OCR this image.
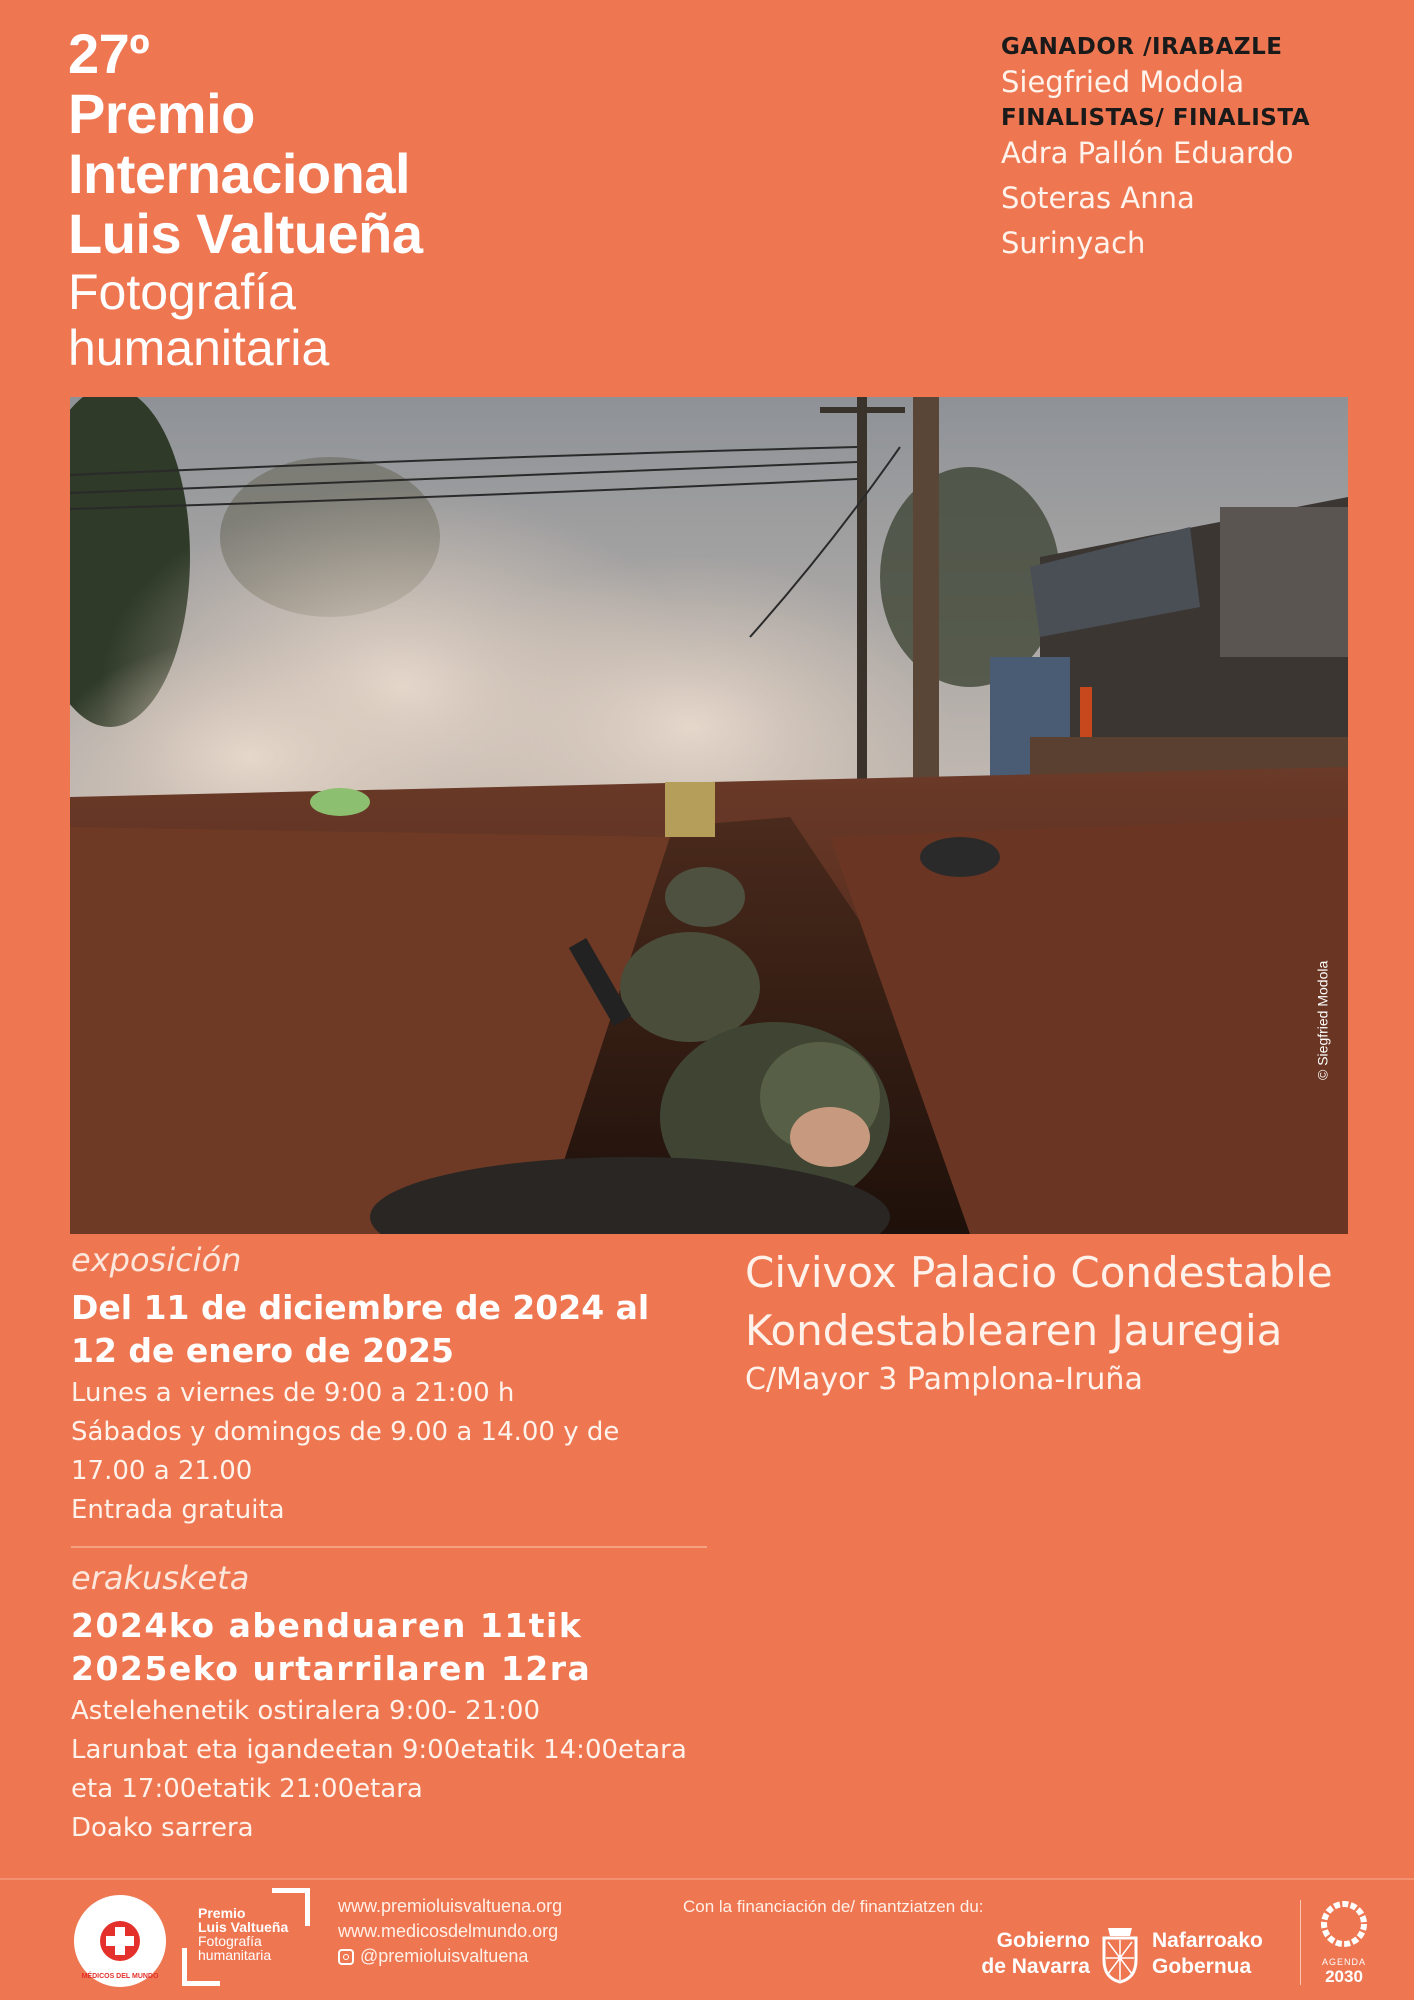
27º
Premio
Internacional
Luis Valtueña
Fotografía
humanitaria
GANADOR /IRABAZLE
Siegfried Modola
FINALISTAS/ FINALISTA
Adra Pallón Eduardo
Soteras Anna
Surinyach
© Siegfried Modola
exposición
Del 11 de diciembre de 2024 al
12 de enero de 2025
Lunes a viernes de 9:00 a 21:00 h
Sábados y domingos de 9.00 a 14.00 y de
17.00 a 21.00
Entrada gratuita
erakusketa
2024ko abenduaren 11tik
2025eko urtarrilaren 12ra
Astelehenetik ostiralera 9:00- 21:00
Larunbat eta igandeetan 9:00etatik 14:00etara
eta 17:00etatik 21:00etara
Doako sarrera
Civivox Palacio Condestable
Kondestablearen Jauregia
C/Mayor 3 Pamplona-Iruña
MÉDICOS DEL MUNDO
Premio
Luis Valtueña
Fotografía
humanitaria
www.premioluisvaltuena.org
www.medicosdelmundo.org
@premioluisvaltuena
Con la financiación de/ finantziatzen du:
Gobierno
de Navarra
Nafarroako
Gobernua	AGENDA
2030
